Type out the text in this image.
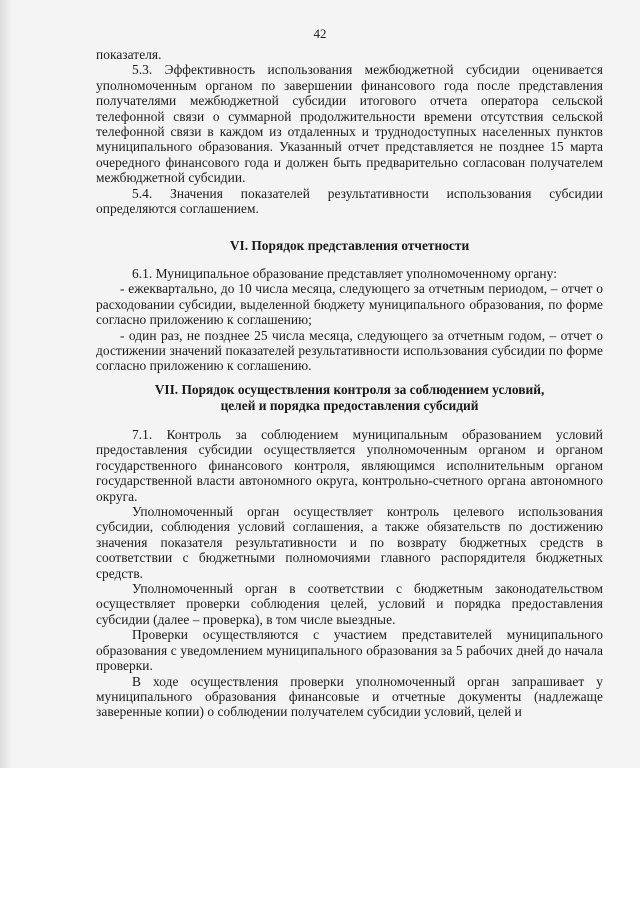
42

показателя.

5.3. Эффективность использования межбюджетной субсидии оценивается уполномоченным органом по завершении финансового года после представления получателями межбюджетной субсидии итогового отчета оператора сельской телефонной связи о суммарной продолжительности времени отсутствия сельской телефонной связи в каждом из отдаленных и труднодоступных населенных пунктов муниципального образования. Указанный отчет представляется не позднее 15 марта очередного финансового года и должен быть предварительно согласован получателем межбюджетной субсидии.

5.4. Значения показателей результативности использования субсидии определяются соглашением.

VI. Порядок представления отчетности

6.1. Муниципальное образование представляет уполномоченному органу:

- ежеквартально, до 10 числа месяца, следующего за отчетным периодом, – отчет о расходовании субсидии, выделенной бюджету муниципального образования, по форме согласно приложению к соглашению;

- один раз, не позднее 25 числа месяца, следующего за отчетным годом, – отчет о достижении значений показателей результативности использования субсидии по форме согласно приложению к соглашению.

VII. Порядок осуществления контроля за соблюдением условий,
целей и порядка предоставления субсидий

7.1. Контроль за соблюдением муниципальным образованием условий предоставления субсидии осуществляется уполномоченным органом и органом государственного финансового контроля, являющимся исполнительным органом государственной власти автономного округа, контрольно-счетного органа автономного округа.

Уполномоченный орган осуществляет контроль целевого использования субсидии, соблюдения условий соглашения, а также обязательств по достижению значения показателя результативности и по возврату бюджетных средств в соответствии с бюджетными полномочиями главного распорядителя бюджетных средств.

Уполномоченный орган в соответствии с бюджетным законодательством осуществляет проверки соблюдения целей, условий и порядка предоставления субсидии (далее – проверка), в том числе выездные.

Проверки осуществляются с участием представителей муниципального образования с уведомлением муниципального образования за 5 рабочих дней до начала проверки.

В ходе осуществления проверки уполномоченный орган запрашивает у муниципального образования финансовые и отчетные документы (надлежаще заверенные копии) о соблюдении получателем субсидии условий, целей и
